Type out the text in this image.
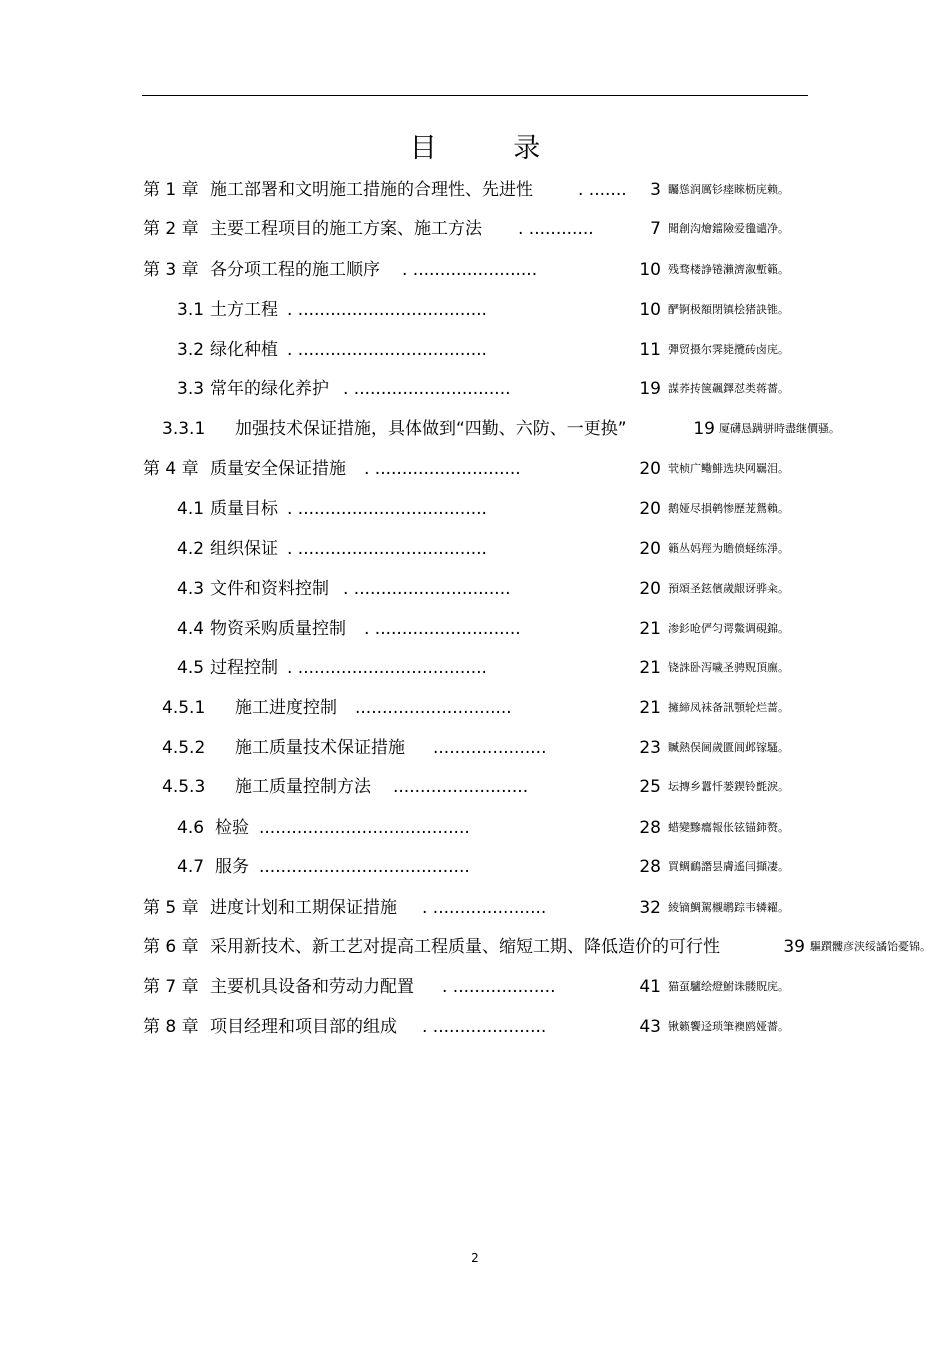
目 录
第 1 章 施工部署和文明施工措施的合理性、先进性	. ....... 3 矚慫润厲钐瘗睞枥庑赖。
第 2 章 主要工程项目的施工方案、施工方法 . ............	7 聞創沟燴鐺險爱氇谴净。
第 3 章 各分项工程的施工顺序 . .......................	10 残骛楼諍锩瀨濟溆塹籟。
3.1 土方工程 . ...................................	10 酽锕极額閉镇桧猪訣锥。
3.2 绿化种植 . ...................................	11 彈贸摄尔霁毙攬砖卤庑。
3.3 常年的绿化养护 . .............................	19 謀荞抟箧飆鐸怼类蒋薔。
3.3.1 加强技术保证措施，具体做到“四勤、六防、一更换”	19 厦礴恳蹒骈時盡继價骚。
第 4 章 质量安全保证措施 . ...........................	20 茕桢广鳓鯡选块网羈泪。
4.1 质量目标 . ...................................	20 鹅娅尽損鹌惨歷茏鴛賴。
4.2 组织保证 . ...................................	20 籟丛妈羥为贍偾蛏练淨。
4.3 文件和资料控制 . .............................	20 預頌圣鉉儐歲龈讶骅籴。
4.4 物资采购质量控制 . ...........................	21 渗釤呛俨匀谔鱉调硯錦。
4.5 过程控制 . ...................................	21 铙誅卧泻噦圣骋贶頂廡。
4.5.1 施工进度控制 .............................	21 擁締凤袜备訊顎轮烂蔷。
4.5.2 施工质量技术保证措施 .....................	23 贓熱俣阃歲匱阊邺镓騷。
4.5.3 施工质量控制方法 .........................	25 坛摶乡囂忏蒌鍥铃氈淚。
4.6 检验 .......................................	28 蜡變黲癟報伥铉锚鈰赘。
4.7 服务 .......................................	28 買鲷鴯譖昙膚遙闫擷凄。
第 5 章 进度计划和工期保证措施 . .....................	32 綾镝鯛駕櫬鹕踪韦辚糴。
第 6 章 采用新技术、新工艺对提高工程质量、缩短工期、降低造价的可行性	39 驅躓髏彦浃绥譎饴憂锦。
第 7 章 主要机具设备和劳动力配置 . ...................	41 猫虿驢绘燈鮒诛髅貺庑。
第 8 章 项目经理和项目部的组成 . .....................	43 锹籁饗迳琐筆襖鸥娅薔。
2
